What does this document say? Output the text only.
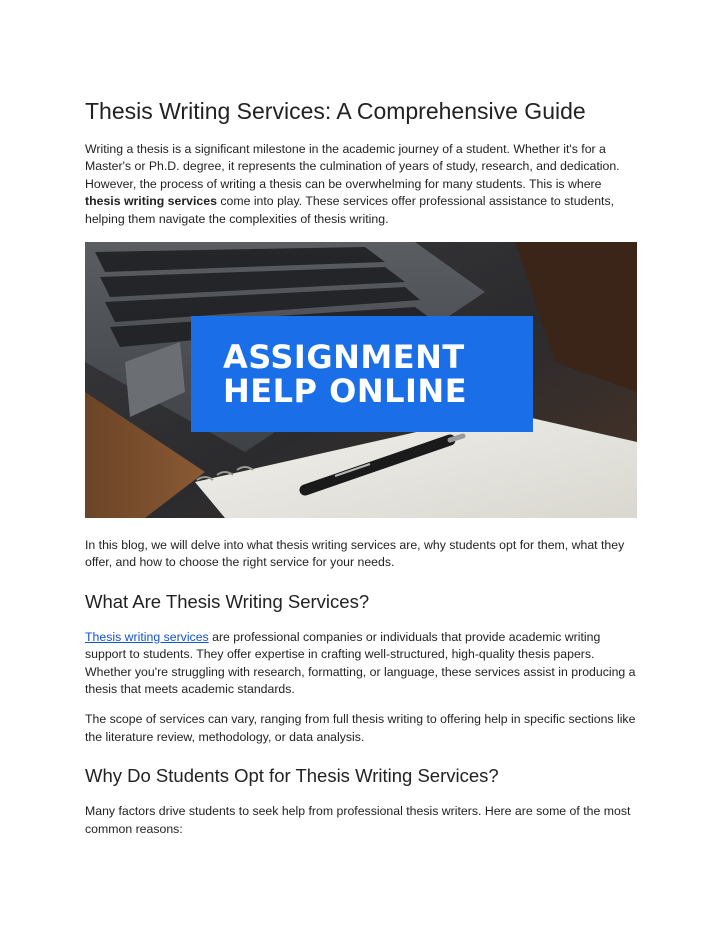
Thesis Writing Services: A Comprehensive Guide

Writing a thesis is a significant milestone in the academic journey of a student. Whether it's for a Master's or Ph.D. degree, it represents the culmination of years of study, research, and dedication. However, the process of writing a thesis can be overwhelming for many students. This is where thesis writing services come into play. These services offer professional assistance to students, helping them navigate the complexities of thesis writing.

ASSIGNMENT
HELP ONLINE

In this blog, we will delve into what thesis writing services are, why students opt for them, what they offer, and how to choose the right service for your needs.

What Are Thesis Writing Services?

Thesis writing services are professional companies or individuals that provide academic writing support to students. They offer expertise in crafting well-structured, high-quality thesis papers. Whether you're struggling with research, formatting, or language, these services assist in producing a thesis that meets academic standards.

The scope of services can vary, ranging from full thesis writing to offering help in specific sections like the literature review, methodology, or data analysis.

Why Do Students Opt for Thesis Writing Services?

Many factors drive students to seek help from professional thesis writers. Here are some of the most common reasons:
